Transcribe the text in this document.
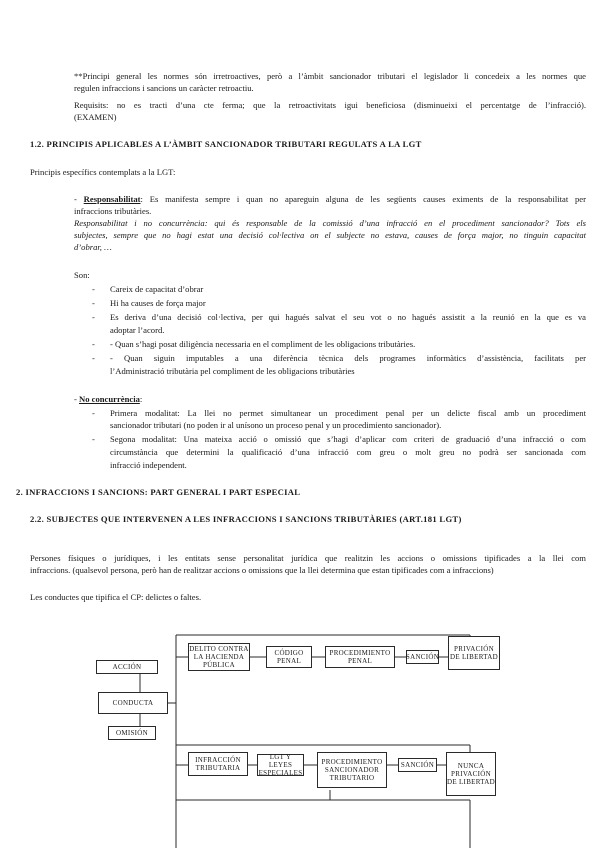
**Principi general les normes són irretroactives, però a l’àmbit sancionador tributari el legislador li concedeix a les normes que
regulen infraccions i sancions un caràcter retroactiu.
Requisits: no es tracti d’una cte ferma; que la retroactivitats igui beneficiosa (disminueixi el percentatge de l’infracció).
(EXAMEN)
1.2. PRINCIPIS APLICABLES A L’ÀMBIT SANCIONADOR TRIBUTARI REGULATS A LA LGT
Principis específics contemplats a la LGT:
- Responsabilitat: Es manifesta sempre i quan no apareguin alguna de les següents causes eximents de la responsabilitat per
infraccions tributàries.
Responsabilitat i no concurrència: qui és responsable de la comissió d’una infracció en el procediment sancionador? Tots els
subjectes, sempre que no hagi estat una decisió col·lectiva on el subjecte no estava, causes de força major, no tinguin capacitat
d’obrar, …
Son:
- Careix de capacitat d’obrar
- Hi ha causes de força major
- Es deriva d’una decisió col·lectiva, per qui hagués salvat el seu vot o no hagués assistit a la reunió en la que es va
adoptar l’acord.
- - Quan s’hagi posat diligència necessaria en el compliment de les obligacions tributàries.
- - Quan siguin imputables a una diferència tècnica dels programes informàtics d’assistència, facilitats per
l’Administració tributària pel compliment de les obligacions tributàries
- No concurrència:
- Primera modalitat: La llei no permet simultanear un procediment penal per un delicte fiscal amb un procediment
sancionador tributari (no poden ir al unísono un proceso penal y un procedimiento sancionador).
- Segona modalitat: Una mateixa acció o omissió que s’hagi d’aplicar com criteri de graduació d’una infracció o com
circumstància que determini la qualificació d’una infracció com greu o molt greu no podrà ser sancionada com
infracció independent.
2. INFRACCIONS I SANCIONS: PART GENERAL I PART ESPECIAL
2.2. SUBJECTES QUE INTERVENEN A LES INFRACCIONS I SANCIONS TRIBUTÀRIES (ART.181 LGT)
Persones físiques o jurídiques, i les entitats sense personalitat jurídica que realitzin les accions o omissions tipificades a la llei com
infraccions. (qualsevol persona, però han de realitzar accions o omissions que la llei determina que estan tipificades com a infraccions)
Les conductes que tipifica el CP: delictes o faltes.
ACCIÓN
CONDUCTA
OMISIÓN
DELITO CONTRA
LA HACIENDA
PÚBLICA
CÓDIGO
PENAL
PROCEDIMIENTO
PENAL	SANCIÓN
PRIVACIÓN
DE LIBERTAD
INFRACCIÓN
TRIBUTARIA
LGT Y LEYES
ESPECIALES
PROCEDIMIENTO
SANCIONADOR
TRIBUTARIO
SANCIÓN	NUNCA
PRIVACIÓN
DE LIBERTAD
